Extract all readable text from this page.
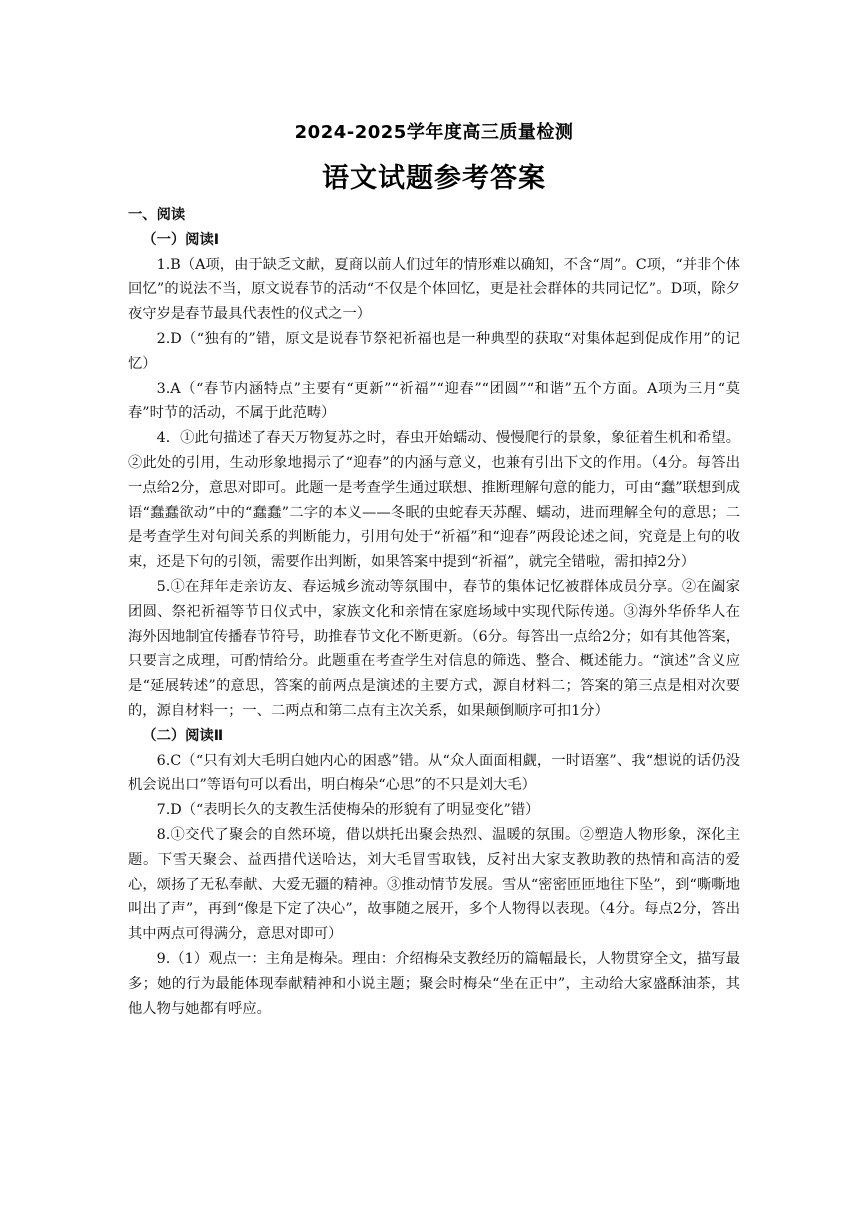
2024-2025学年度高三质量检测
语文试题参考答案

一、阅读

（一）阅读Ⅰ

1.B（A项，由于缺乏文献，夏商以前人们过年的情形难以确知，不含“周”。C项，“并非个体回忆”的说法不当，原文说春节的活动“不仅是个体回忆，更是社会群体的共同记忆”。D项，除夕夜守岁是春节最具代表性的仪式之一）

2.D（“独有的”错，原文是说春节祭祀祈福也是一种典型的获取“对集体起到促成作用”的记忆）

3.A（“春节内涵特点”主要有“更新”“祈福”“迎春”“团圆”“和谐”五个方面。A项为三月“莫春”时节的活动，不属于此范畴）

4．①此句描述了春天万物复苏之时，春虫开始蠕动、慢慢爬行的景象，象征着生机和希望。②此处的引用，生动形象地揭示了“迎春”的内涵与意义，也兼有引出下文的作用。（4分。每答出一点给2分，意思对即可。此题一是考查学生通过联想、推断理解句意的能力，可由“蠢”联想到成语“蠢蠢欲动”中的“蠢蠢”二字的本义——冬眠的虫蛇春天苏醒、蠕动，进而理解全句的意思；二是考查学生对句间关系的判断能力，引用句处于“祈福”和“迎春”两段论述之间，究竟是上句的收束，还是下句的引领，需要作出判断，如果答案中提到“祈福”，就完全错啦，需扣掉2分）

5.①在拜年走亲访友、春运城乡流动等氛围中，春节的集体记忆被群体成员分享。②在阖家团圆、祭祀祈福等节日仪式中，家族文化和亲情在家庭场域中实现代际传递。③海外华侨华人在海外因地制宜传播春节符号，助推春节文化不断更新。（6分。每答出一点给2分；如有其他答案，只要言之成理，可酌情给分。此题重在考查学生对信息的筛选、整合、概述能力。“演述”含义应是“延展转述”的意思，答案的前两点是演述的主要方式，源自材料二；答案的第三点是相对次要的，源自材料一；一、二两点和第二点有主次关系，如果颠倒顺序可扣1分）

（二）阅读Ⅱ

6.C（“只有刘大毛明白她内心的困惑”错。从“众人面面相觑，一时语塞”、我“想说的话仍没机会说出口”等语句可以看出，明白梅朵“心思”的不只是刘大毛）

7.D（“表明长久的支教生活使梅朵的形貌有了明显变化”错）

8.①交代了聚会的自然环境，借以烘托出聚会热烈、温暖的氛围。②塑造人物形象，深化主题。下雪天聚会、益西措代送哈达，刘大毛冒雪取钱，反衬出大家支教助教的热情和高洁的爱心，颂扬了无私奉献、大爱无疆的精神。③推动情节发展。雪从“密密匝匝地往下坠”，到“嘶嘶地叫出了声”，再到“像是下定了决心”，故事随之展开，多个人物得以表现。（4分。每点2分，答出其中两点可得满分，意思对即可）

9.（1）观点一：主角是梅朵。理由：介绍梅朵支教经历的篇幅最长，人物贯穿全文，描写最多；她的行为最能体现奉献精神和小说主题；聚会时梅朵“坐在正中”，主动给大家盛酥油茶，其他人物与她都有呼应。
